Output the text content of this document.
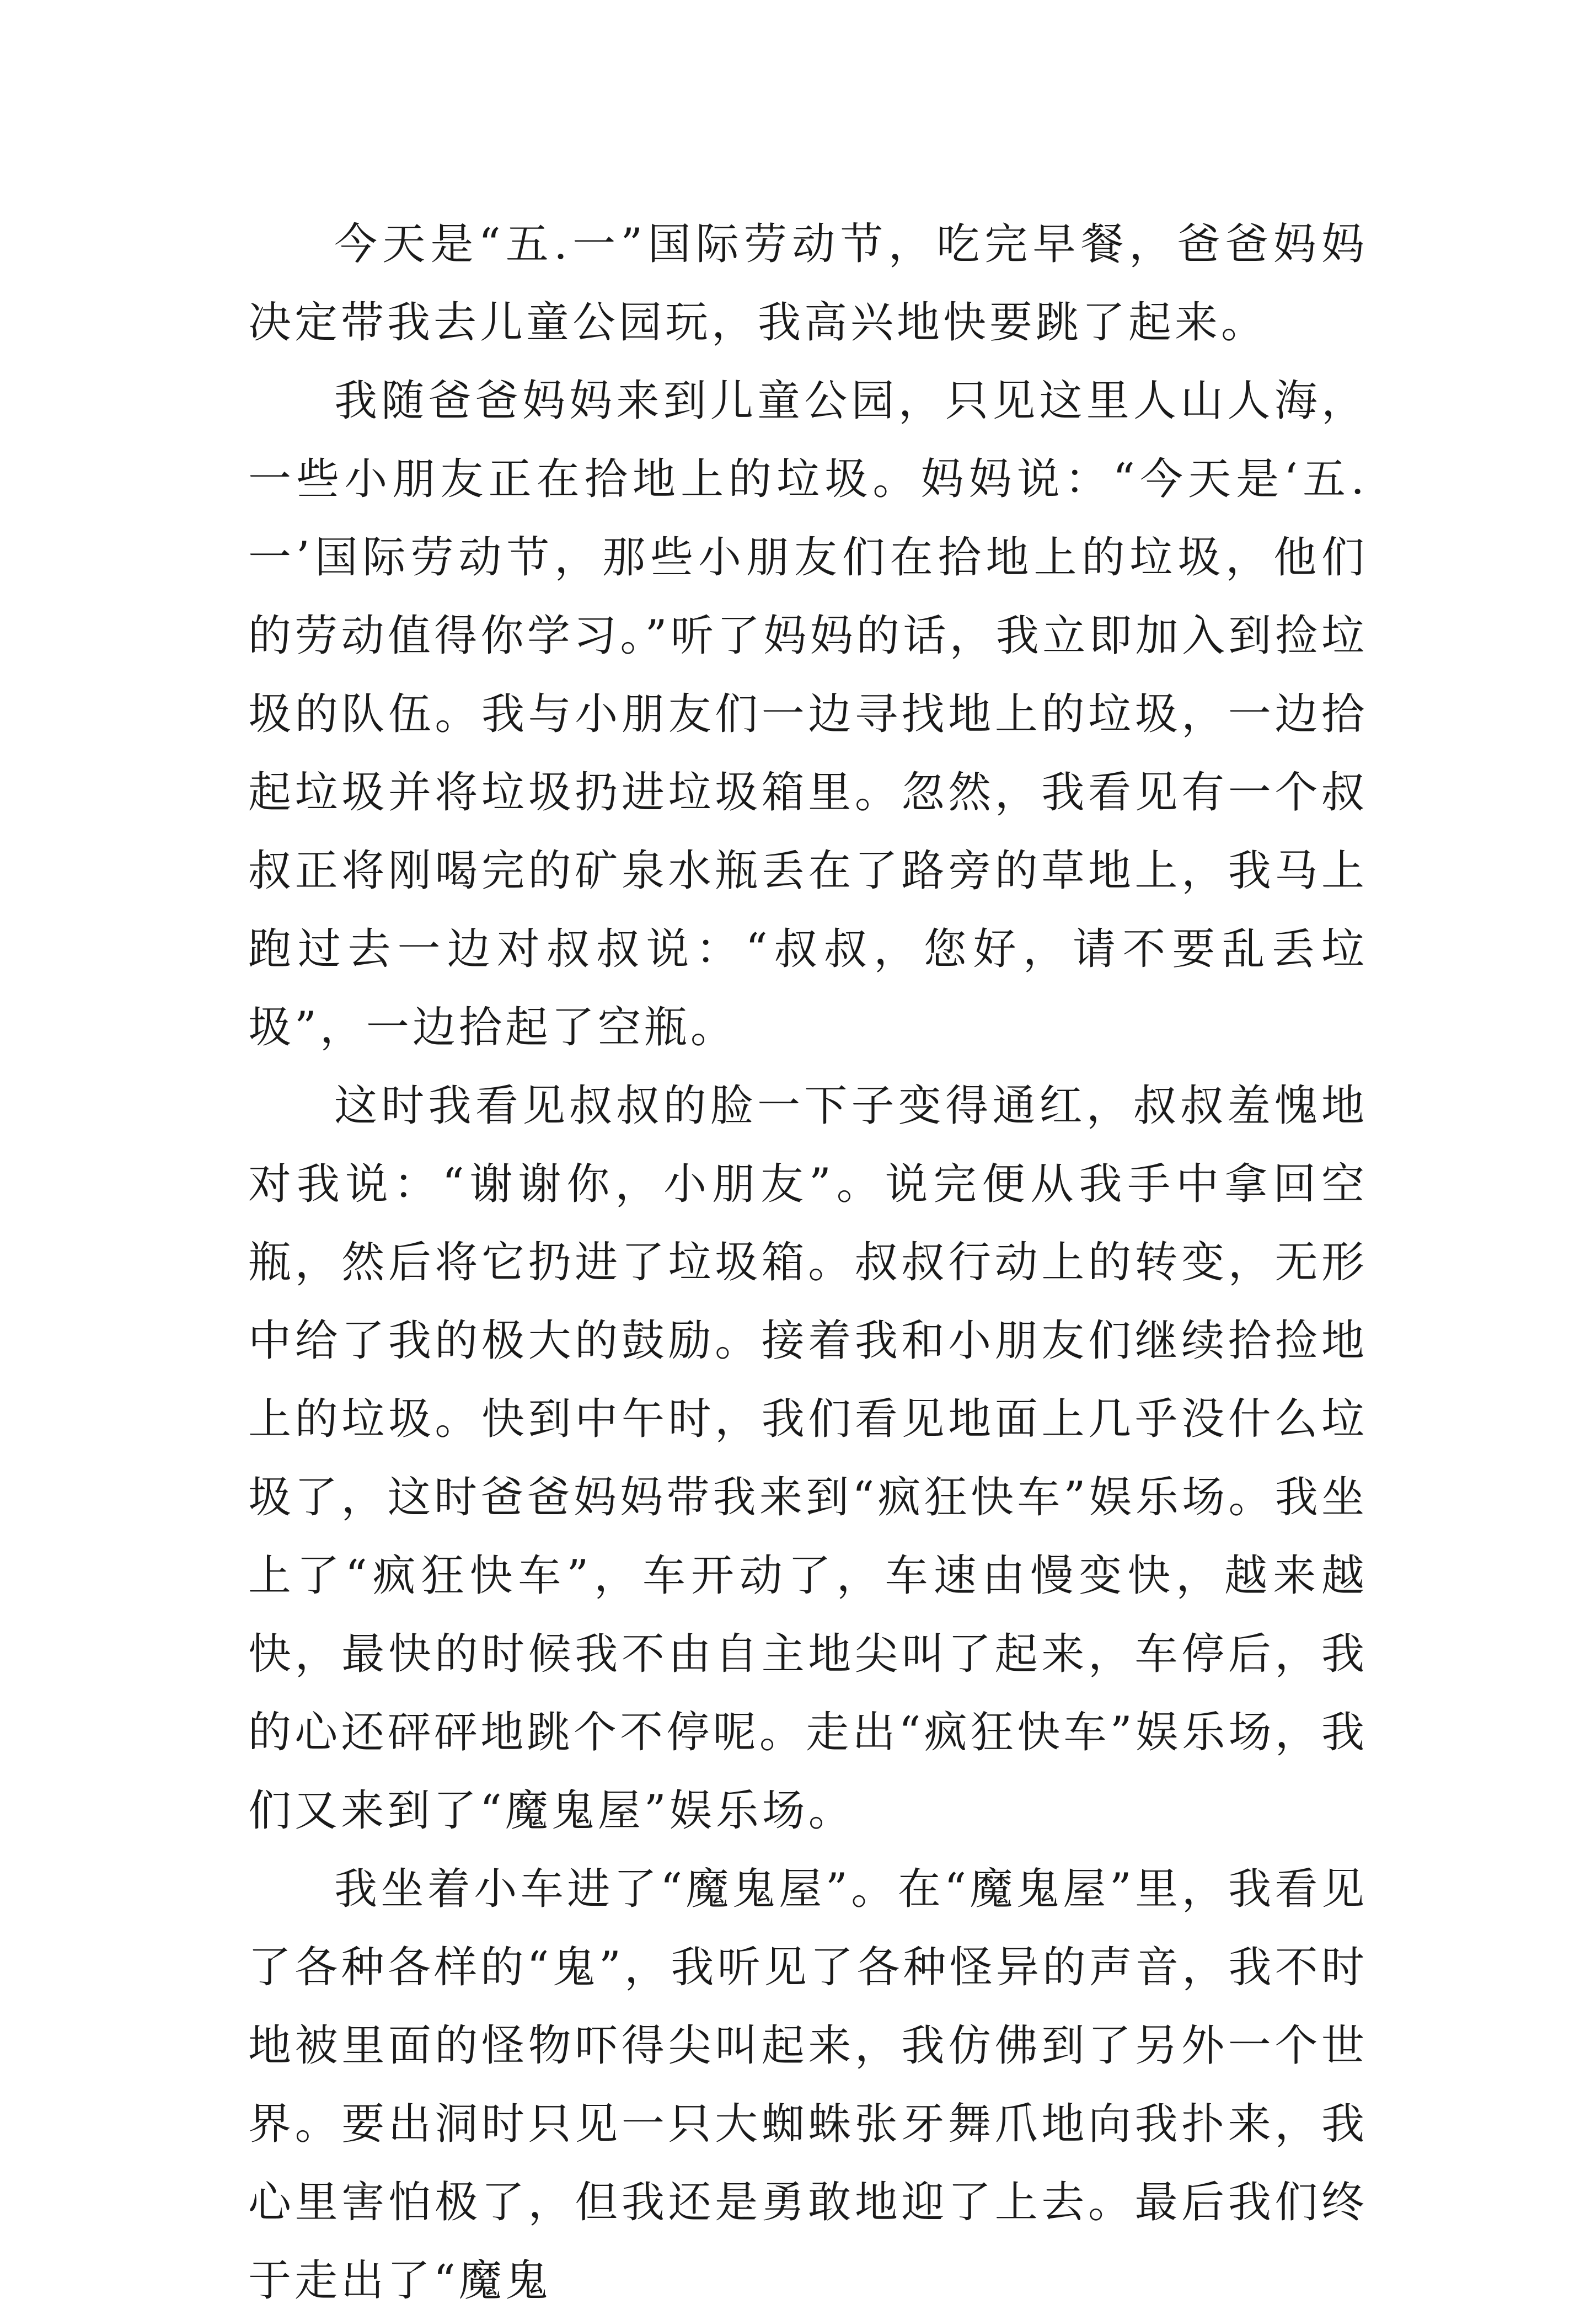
今天是“五.一”国际劳动节，吃完早餐，爸爸妈妈决定带我去儿童公园玩，我高兴地快要跳了起来。

我随爸爸妈妈来到儿童公园，只见这里人山人海，一些小朋友正在拾地上的垃圾。妈妈说：“今天是‘五.一’国际劳动节，那些小朋友们在拾地上的垃圾，他们的劳动值得你学习。”听了妈妈的话，我立即加入到捡垃圾的队伍。我与小朋友们一边寻找地上的垃圾，一边拾起垃圾并将垃圾扔进垃圾箱里。忽然，我看见有一个叔叔正将刚喝完的矿泉水瓶丢在了路旁的草地上，我马上跑过去一边对叔叔说：“叔叔，您好，请不要乱丢垃圾”，一边拾起了空瓶。

这时我看见叔叔的脸一下子变得通红，叔叔羞愧地对我说：“谢谢你，小朋友”。说完便从我手中拿回空瓶，然后将它扔进了垃圾箱。叔叔行动上的转变，无形中给了我的极大的鼓励。接着我和小朋友们继续拾捡地上的垃圾。快到中午时，我们看见地面上几乎没什么垃圾了，这时爸爸妈妈带我来到“疯狂快车”娱乐场。我坐上了“疯狂快车”，车开动了，车速由慢变快，越来越快，最快的时候我不由自主地尖叫了起来，车停后，我的心还砰砰地跳个不停呢。走出“疯狂快车”娱乐场，我们又来到了“魔鬼屋”娱乐场。

我坐着小车进了“魔鬼屋”。在“魔鬼屋”里，我看见了各种各样的“鬼”，我听见了各种怪异的声音，我不时地被里面的怪物吓得尖叫起来，我仿佛到了另外一个世界。要出洞时只见一只大蜘蛛张牙舞爪地向我扑来，我心里害怕极了，但我还是勇敢地迎了上去。最后我们终于走出了“魔鬼
